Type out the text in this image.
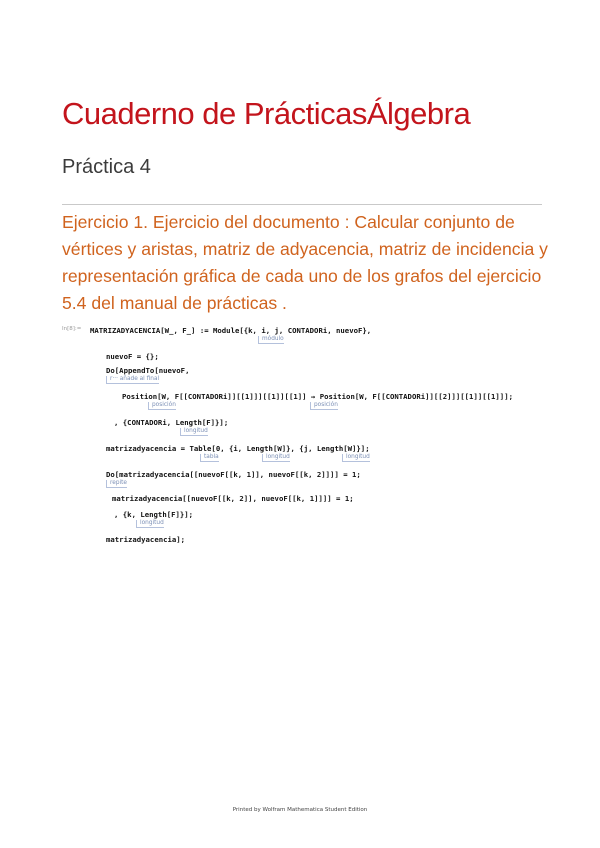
Cuaderno de PrácticasÁlgebra
Práctica 4

Ejercicio 1. Ejercicio del documento : Calcular conjunto de vértices y aristas, matriz de adyacencia, matriz de incidencia y representación gráfica de cada uno de los grafos del ejercicio 5.4 del manual de prácticas .

In[8]:= MATRIZADYACENCIA[W_, F_] := Module[{k, i, j, CONTADORi, nuevoF},
módulo
nuevoF = {};
Do[AppendTo[nuevoF,
r··· añade al final
Position[W, F[[CONTADORi]][[1]]][[1]][[1]] → Position[W, F[[CONTADORi]][[2]]][[1]][[1]]];
posición	posición
, {CONTADORi, Length[F]}];
longitud
matrizadyacencia = Table[0, {i, Length[W]}, {j, Length[W]}];
tabla	longitud	longitud
Do[matrizadyacencia[[nuevoF[[k, 1]], nuevoF[[k, 2]]]] = 1;
repite
matrizadyacencia[[nuevoF[[k, 2]], nuevoF[[k, 1]]]] = 1;
, {k, Length[F]}];
longitud
matrizadyacencia];
Printed by Wolfram Mathematica Student Edition
